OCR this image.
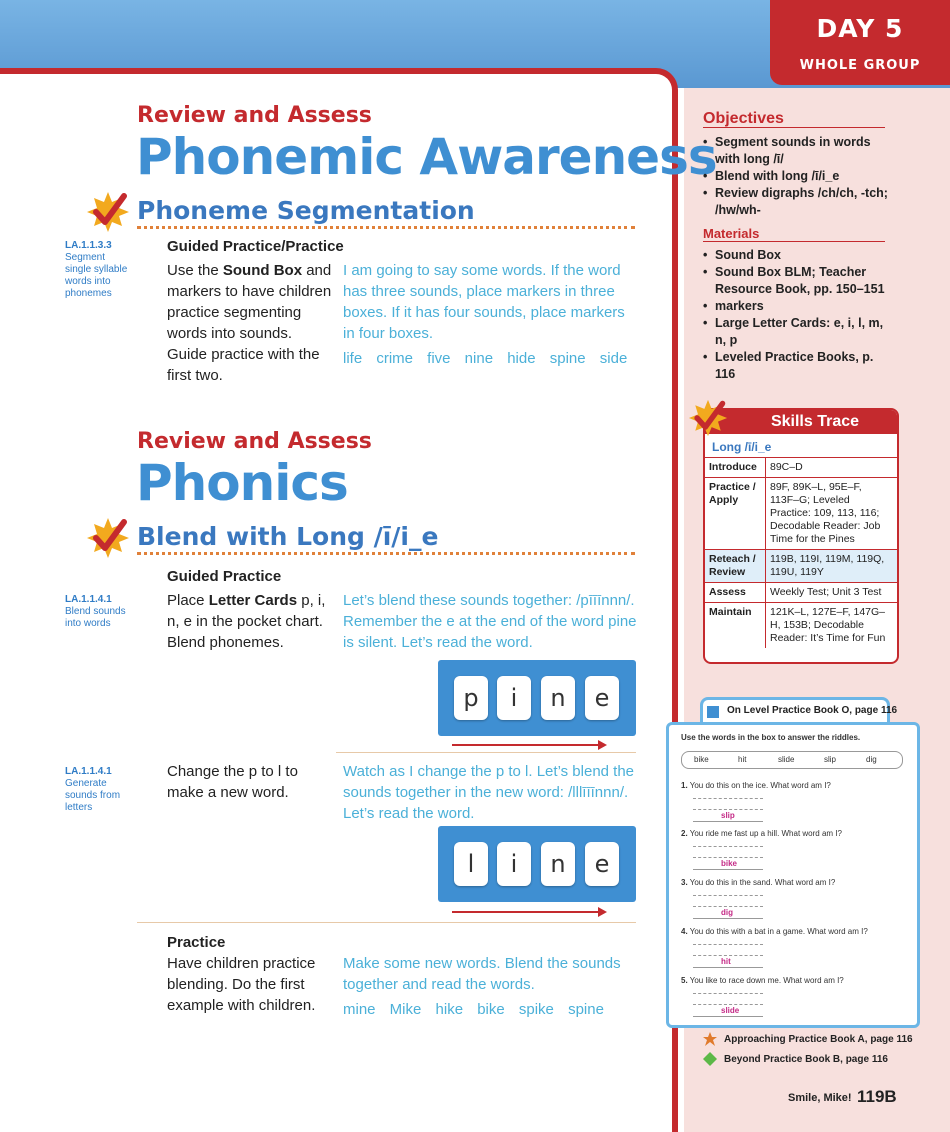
DAY 5
WHOLE GROUP
Review and Assess
Phonemic Awareness
Phoneme Segmentation
LA.1.1.3.3
Segment single syllable words into phonemes
Guided Practice/Practice
Use the Sound Box and markers to have children practice segmenting words into sounds. Guide practice with the first two.
I am going to say some words. If the word has three sounds, place markers in three boxes. If it has four sounds, place markers in four boxes.
life crime five nine hide spine side
Review and Assess
Phonics
Blend with Long /ī/i_e
Guided Practice
LA.1.1.4.1
Blend sounds into words
Place Letter Cards p, i, n, e in the pocket chart. Blend phonemes.
Let’s blend these sounds together: /pīīīnnn/. Remember the e at the end of the word pine is silent. Let’s read the word.
p	i	n	e
LA.1.1.4.1
Generate sounds from letters
Change the p to l to make a new word.
Watch as I change the p to l. Let’s blend the sounds together in the new word: /lllīīīnnn/. Let’s read the word.
l	i	n	e
Practice
Have children practice blending. Do the first example with children.
Make some new words. Blend the sounds together and read the words.
mine Mike hike bike spike spine
Objectives
• Segment sounds in words with long /ī/
• Blend with long /ī/i_e
• Review digraphs /ch/ch, -tch; /hw/wh-
Materials
• Sound Box
• Sound Box BLM; Teacher Resource Book, pp. 150–151
• markers
• Large Letter Cards: e, i, l, m, n, p
• Leveled Practice Books, p. 116
Skills Trace
Long /ī/i_e
Introduce	89C–D
Practice / Apply	89F, 89K–L, 95E–F, 113F–G; Leveled Practice: 109, 113, 116; Decodable Reader: Job Time for the Pines
Reteach / Review	119B, 119I, 119M, 119Q, 119U, 119Y
Assess	Weekly Test; Unit 3 Test
Maintain	121K–L, 127E–F, 147G–H, 153B; Decodable Reader: It’s Time for Fun
On Level Practice Book O, page 116
Use the words in the box to answer the riddles.
bike	hit	slide	slip	dig
1. You do this on the ice. What word am I?
slip
2. You ride me fast up a hill. What word am I?
bike
3. You do this in the sand. What word am I?
dig
4. You do this with a bat in a game. What word am I?
hit
5. You like to race down me. What word am I?
slide
Approaching Practice Book A, page 116
Beyond Practice Book B, page 116
Smile, Mike! 119B
